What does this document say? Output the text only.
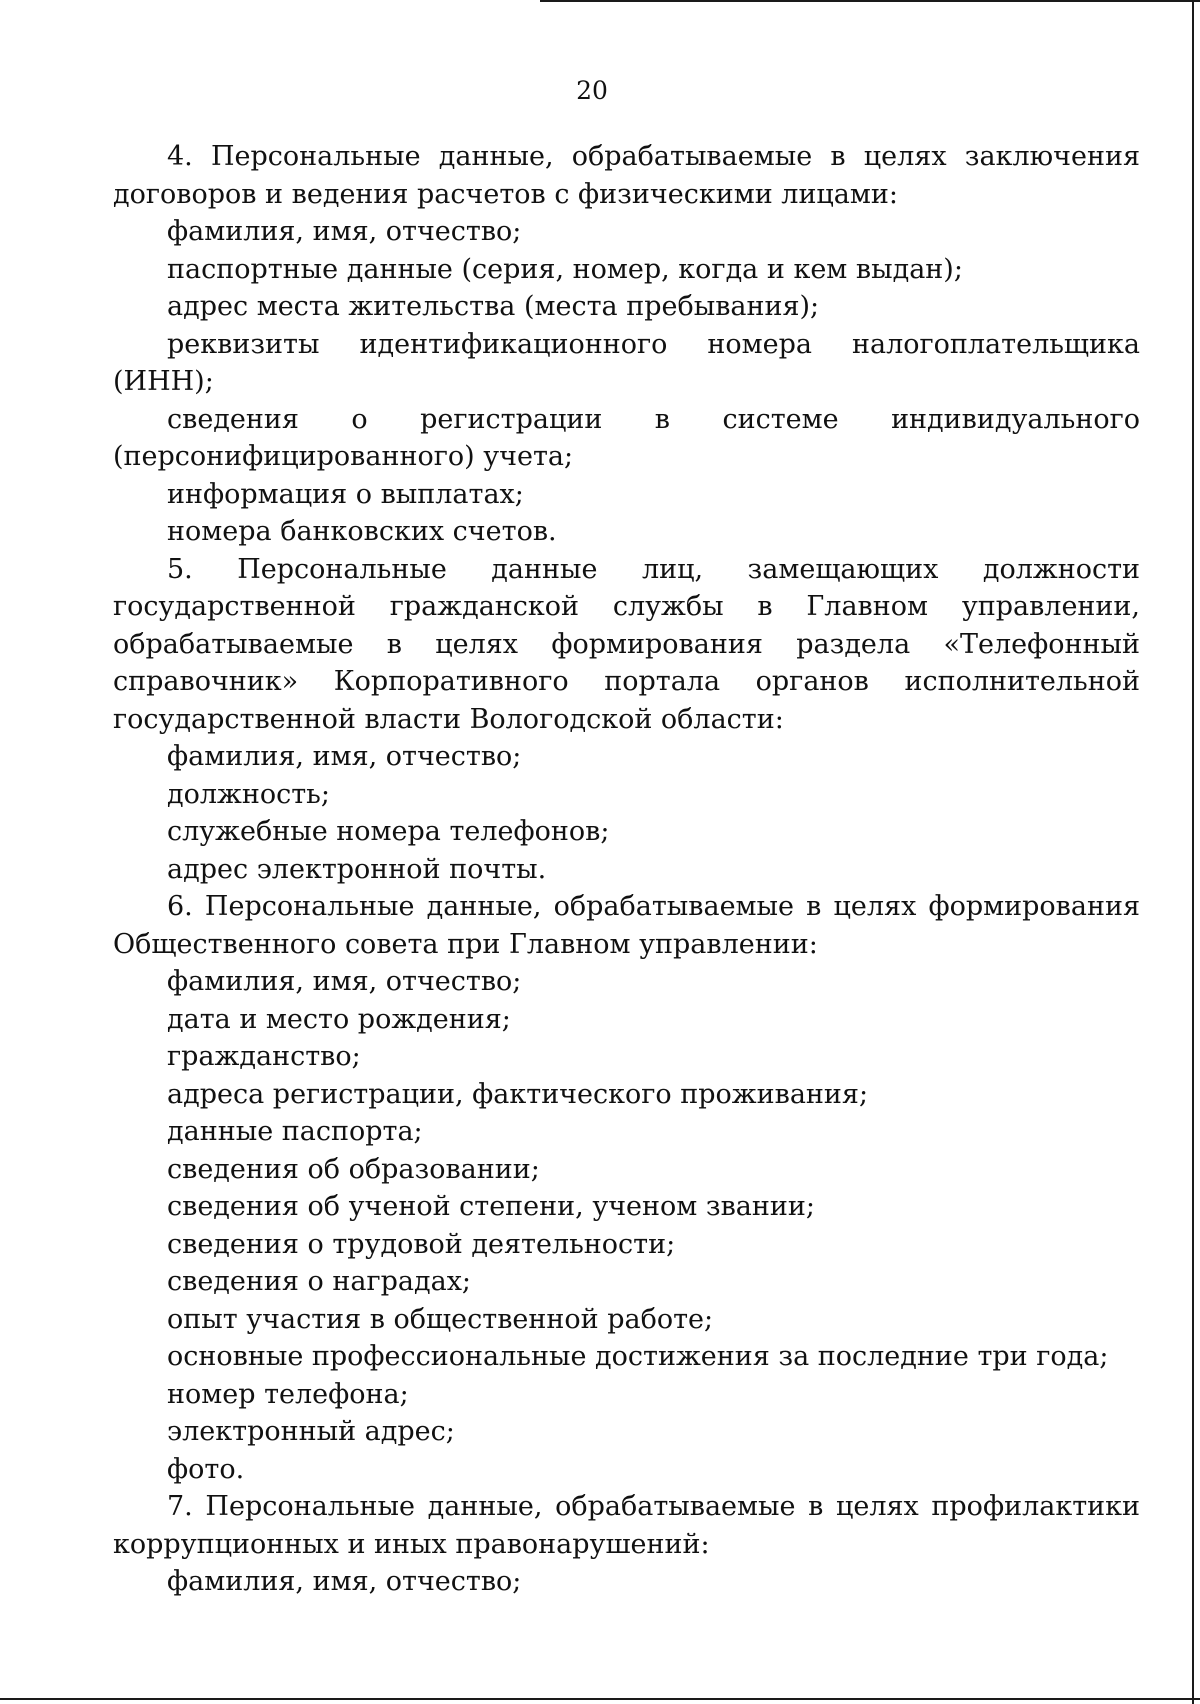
20

4. Персональные данные, обрабатываемые в целях заключения договоров и ведения расчетов с физическими лицами:

фамилия, имя, отчество;

паспортные данные (серия, номер, когда и кем выдан);

адрес места жительства (места пребывания);

реквизиты идентификационного номера налогоплательщика (ИНН);

сведения о регистрации в системе индивидуального (персонифицированного) учета;

информация о выплатах;

номера банковских счетов.

5. Персональные данные лиц, замещающих должности государственной гражданской службы в Главном управлении, обрабатываемые в целях формирования раздела «Телефонный справочник» Корпоративного портала органов исполнительной государственной власти Вологодской области:

фамилия, имя, отчество;

должность;

служебные номера телефонов;

адрес электронной почты.

6. Персональные данные, обрабатываемые в целях формирования Общественного совета при Главном управлении:

фамилия, имя, отчество;

дата и место рождения;

гражданство;

адреса регистрации, фактического проживания;

данные паспорта;

сведения об образовании;

сведения об ученой степени, ученом звании;

сведения о трудовой деятельности;

сведения о наградах;

опыт участия в общественной работе;

основные профессиональные достижения за последние три года;

номер телефона;

электронный адрес;

фото.

7. Персональные данные, обрабатываемые в целях профилактики коррупционных и иных правонарушений:

фамилия, имя, отчество;
